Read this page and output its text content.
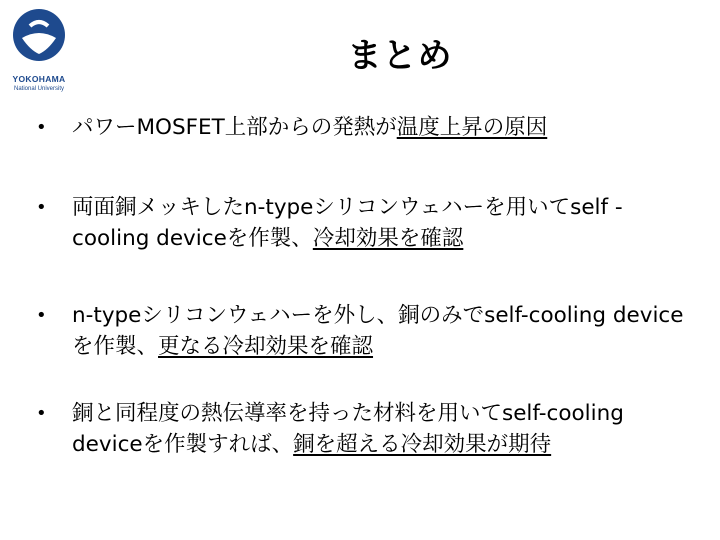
YOKOHAMA
National University
まとめ
• パワーMOSFET上部からの発熱が温度上昇の原因
• 両面銅メッキしたn-typeシリコンウェハーを用いてself -cooling deviceを作製、冷却効果を確認
• n-typeシリコンウェハーを外し、銅のみでself-cooling deviceを作製、更なる冷却効果を確認
• 銅と同程度の熱伝導率を持った材料を用いてself-cooling deviceを作製すれば、銅を超える冷却効果が期待
